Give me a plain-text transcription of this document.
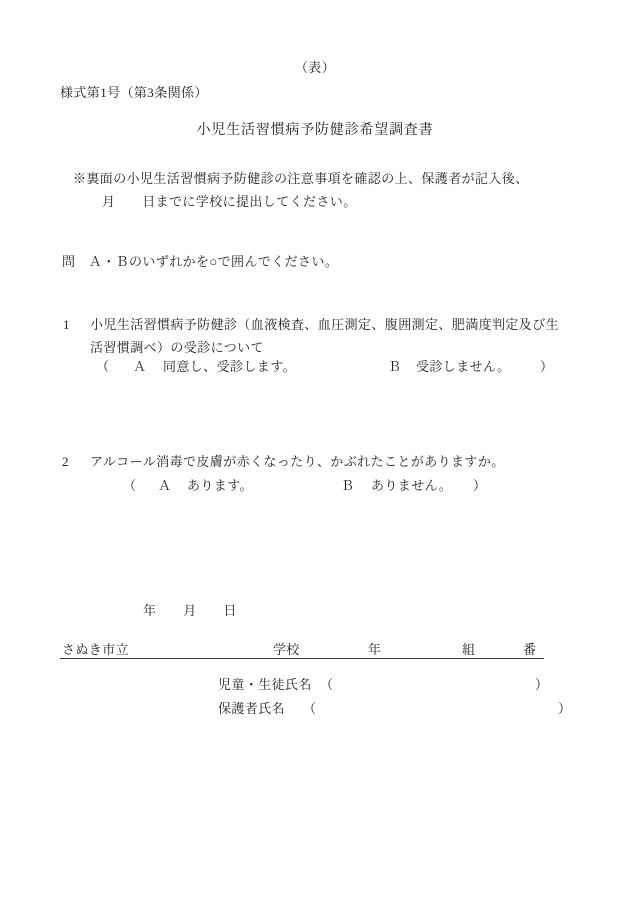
（表）
様式第1号（第3条関係）
小児生活習慣病予防健診希望調査書
※裏面の小児生活習慣病予防健診の注意事項を確認の上、保護者が記入後、
月　　日までに学校に提出してください。
問　Ａ・Ｂのいずれかを○で囲んでください。
1 小児生活習慣病予防健診（血液検査、血圧測定、腹囲測定、肥満度判定及び生
活習慣調べ）の受診について
（ Ａ 同意し、受診します。	Ｂ 受診しません。 ）
2 アルコール消毒で皮膚が赤くなったり、かぶれたことがありますか。
（ Ａ あります。	Ｂ ありません。 ）
年　　月　　日
さぬき市立	学校	年	組	番
児童・生徒氏名 （	）
保護者氏名 （	）
